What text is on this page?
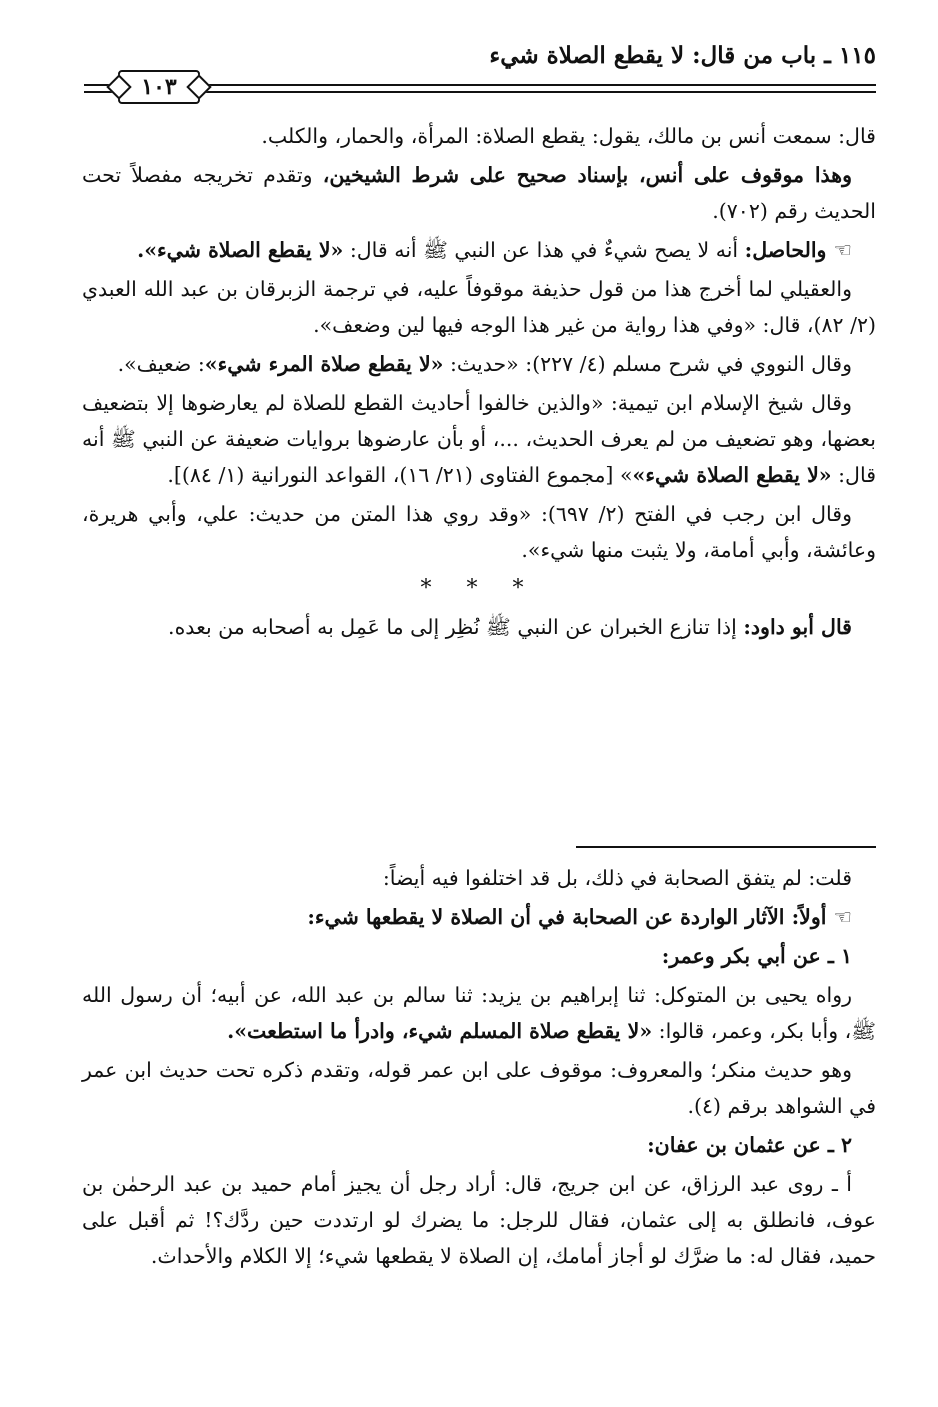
١١٥ ـ باب من قال: لا يقطع الصلاة شيء
١٠٣

قال: سمعت أنس بن مالك، يقول: يقطع الصلاة: المرأة، والحمار، والكلب.

وهذا موقوف على أنس، بإسناد صحيح على شرط الشيخين، وتقدم تخريجه مفصلاً تحت الحديث رقم (٧٠٢).

☜ والحاصل: أنه لا يصح شيءٌ في هذا عن النبي ﷺ أنه قال: «لا يقطع الصلاة شيء».

والعقيلي لما أخرج هذا من قول حذيفة موقوفاً عليه، في ترجمة الزبرقان بن عبد الله العبدي (٢/ ٨٢)، قال: «وفي هذا رواية من غير هذا الوجه فيها لين وضعف».

وقال النووي في شرح مسلم (٤/ ٢٢٧): «حديث: «لا يقطع صلاة المرء شيء»: ضعيف».

وقال شيخ الإسلام ابن تيمية: «والذين خالفوا أحاديث القطع للصلاة لم يعارضوها إلا بتضعيف بعضها، وهو تضعيف من لم يعرف الحديث، ...، أو بأن عارضوها بروايات ضعيفة عن النبي ﷺ أنه قال: «لا يقطع الصلاة شيء»» [مجموع الفتاوى (٢١/ ١٦)، القواعد النورانية (١/ ٨٤)].

وقال ابن رجب في الفتح (٢/ ٦٩٧): «وقد روي هذا المتن من حديث: علي، وأبي هريرة، وعائشة، وأبي أمامة، ولا يثبت منها شيء».

* * *

قال أبو داود: إذا تنازع الخبران عن النبي ﷺ نُظِر إلى ما عَمِل به أصحابه من بعده.

قلت: لم يتفق الصحابة في ذلك، بل قد اختلفوا فيه أيضاً:

☜ أولاً: الآثار الواردة عن الصحابة في أن الصلاة لا يقطعها شيء:

١ ـ عن أبي بكر وعمر:

رواه يحيى بن المتوكل: ثنا إبراهيم بن يزيد: ثنا سالم بن عبد الله، عن أبيه؛ أن رسول الله ﷺ، وأبا بكر، وعمر، قالوا: «لا يقطع صلاة المسلم شيء، وادرأ ما استطعت».

وهو حديث منكر؛ والمعروف: موقوف على ابن عمر قوله، وتقدم ذكره تحت حديث ابن عمر في الشواهد برقم (٤).

٢ ـ عن عثمان بن عفان:

أ ـ روى عبد الرزاق، عن ابن جريج، قال: أراد رجل أن يجيز أمام حميد بن عبد الرحمٰن بن عوف، فانطلق به إلى عثمان، فقال للرجل: ما يضرك لو ارتددت حين ردَّك؟! ثم أقبل على حميد، فقال له: ما ضرَّك لو أجاز أمامك، إن الصلاة لا يقطعها شيء؛ إلا الكلام والأحداث.
